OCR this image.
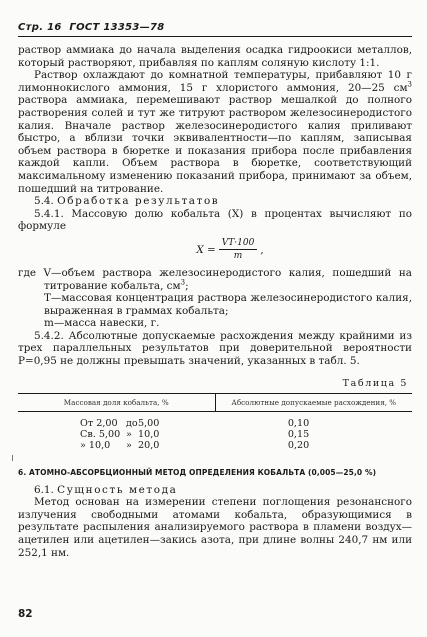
Стр. 16 ГОСТ 13353—78

раствор аммиака до начала выделения осадка гидроокиси металлов, который растворяют, прибавляя по каплям соляную кислоту 1:1.

Раствор охлаждают до комнатной температуры, прибавляют 10 г лимоннокислого аммония, 15 г хлористого аммония, 20—25 $см^3$ раствора аммиака, перемешивают раствор мешалкой до полного растворения солей и тут же титруют раствором железосинеродистого калия. Вначале раствор железосинеродистого калия приливают быстро, а вблизи точки эквивалентности—по каплям, записывая объем раствора в бюретке и показания прибора после прибавления каждой капли. Объем раствора в бюретке, соответствующий максимальному изменению показаний прибора, принимают за объем, пошедший на титрование.

5.4. Обработка результатов

5.4.1. Массовую долю кобальта (X) в процентах вычисляют по формуле

$X = \frac{VT\cdot 100}{m}$ ,

где V—объем раствора железосинеродистого калия, пошедший на титрование кобальта, $см^3$;

T—массовая концентрация раствора железосинеродистого калия, выраженная в граммах кобальта;

m—масса навески, г.

5.4.2. Абсолютные допускаемые расхождения между крайними из трех параллельных результатов при доверительной вероятности P=0,95 не должны превышать значений, указанных в табл. 5.

Таблица 5
Массовая доля кобальта, %	Абсолютные допускаемые расхождения, %
От 2,00 до5,00	0,10
Св. 5,00 » 10,0	0,15
» 10,0 » 20,0	0,20
6. АТОМНО-АБСОРБЦИОННЫЙ МЕТОД ОПРЕДЕЛЕНИЯ КОБАЛЬТА (0,005—25,0 %)

6.1. Сущность метода

Метод основан на измерении степени поглощения резонансного излучения свободными атомами кобальта, образующимися в результате распыления анализируемого раствора в пламени воздух—ацетилен или ацетилен—закись азота, при длине волны 240,7 нм или 252,1 нм.

82
